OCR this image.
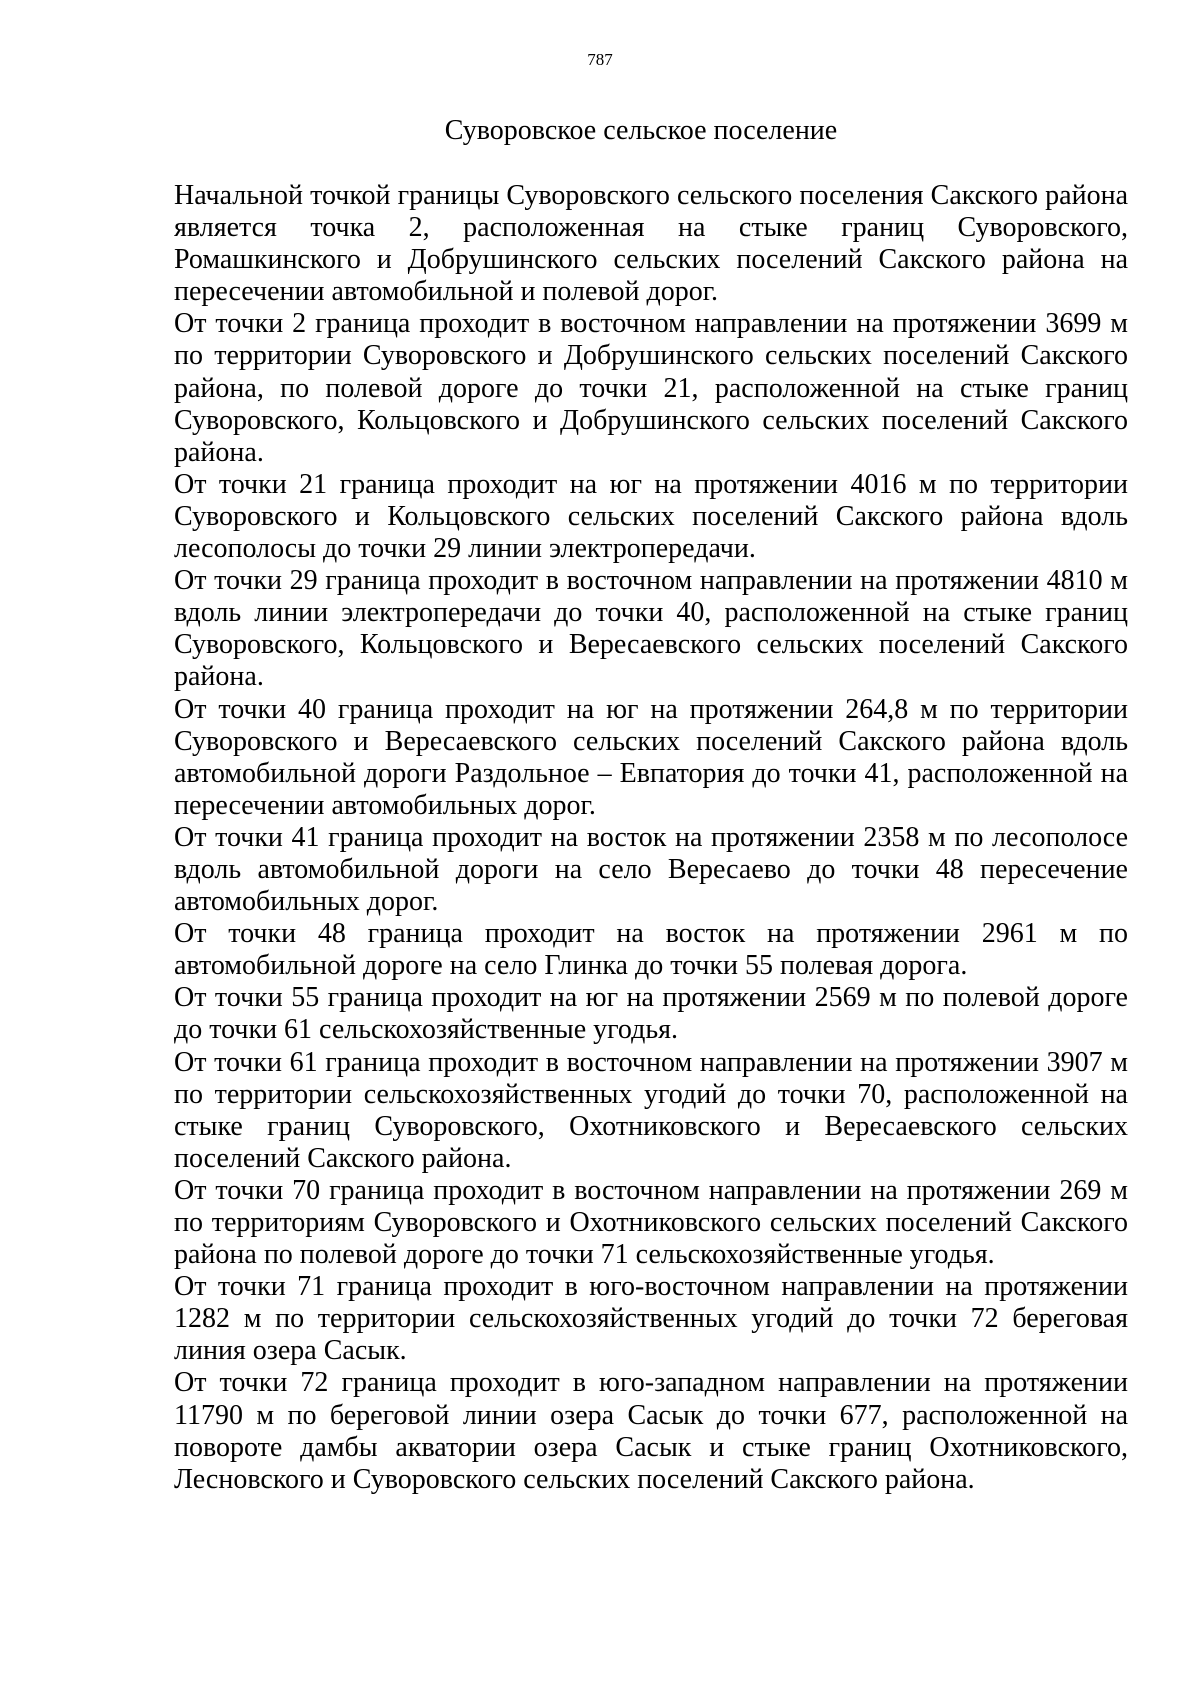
787
Суворовское сельское поселение

Начальной точкой границы Суворовского сельского поселения Сакского района является точка 2, расположенная на стыке границ Суворовского, Ромашкинского и Добрушинского сельских поселений Сакского района на пересечении автомобильной и полевой дорог.

От точки 2 граница проходит в восточном направлении на протяжении 3699 м по территории Суворовского и Добрушинского сельских поселений Сакского района, по полевой дороге до точки 21, расположенной на стыке границ Суворовского, Кольцовского и Добрушинского сельских поселений Сакского района.

От точки 21 граница проходит на юг на протяжении 4016 м по территории Суворовского и Кольцовского сельских поселений Сакского района вдоль лесополосы до точки 29 линии электропередачи.

От точки 29 граница проходит в восточном направлении на протяжении 4810 м вдоль линии электропередачи до точки 40, расположенной на стыке границ Суворовского, Кольцовского и Вересаевского сельских поселений Сакского района.

От точки 40 граница проходит на юг на протяжении 264,8 м по территории Суворовского и Вересаевского сельских поселений Сакского района вдоль автомобильной дороги Раздольное – Евпатория до точки 41, расположенной на пересечении автомобильных дорог.

От точки 41 граница проходит на восток на протяжении 2358 м по лесополосе вдоль автомобильной дороги на село Вересаево до точки 48 пересечение автомобильных дорог.

От точки 48 граница проходит на восток на протяжении 2961 м по автомобильной дороге на село Глинка до точки 55 полевая дорога.

От точки 55 граница проходит на юг на протяжении 2569 м по полевой дороге до точки 61 сельскохозяйственные угодья.

От точки 61 граница проходит в восточном направлении на протяжении 3907 м по территории сельскохозяйственных угодий до точки 70, расположенной на стыке границ Суворовского, Охотниковского и Вересаевского сельских поселений Сакского района.

От точки 70 граница проходит в восточном направлении на протяжении 269 м по территориям Суворовского и Охотниковского сельских поселений Сакского района по полевой дороге до точки 71 сельскохозяйственные угодья.

От точки 71 граница проходит в юго-восточном направлении на протяжении 1282 м по территории сельскохозяйственных угодий до точки 72 береговая линия озера Сасык.

От точки 72 граница проходит в юго-западном направлении на протяжении 11790 м по береговой линии озера Сасык до точки 677, расположенной на повороте дамбы акватории озера Сасык и стыке границ Охотниковского, Лесновского и Суворовского сельских поселений Сакского района.
